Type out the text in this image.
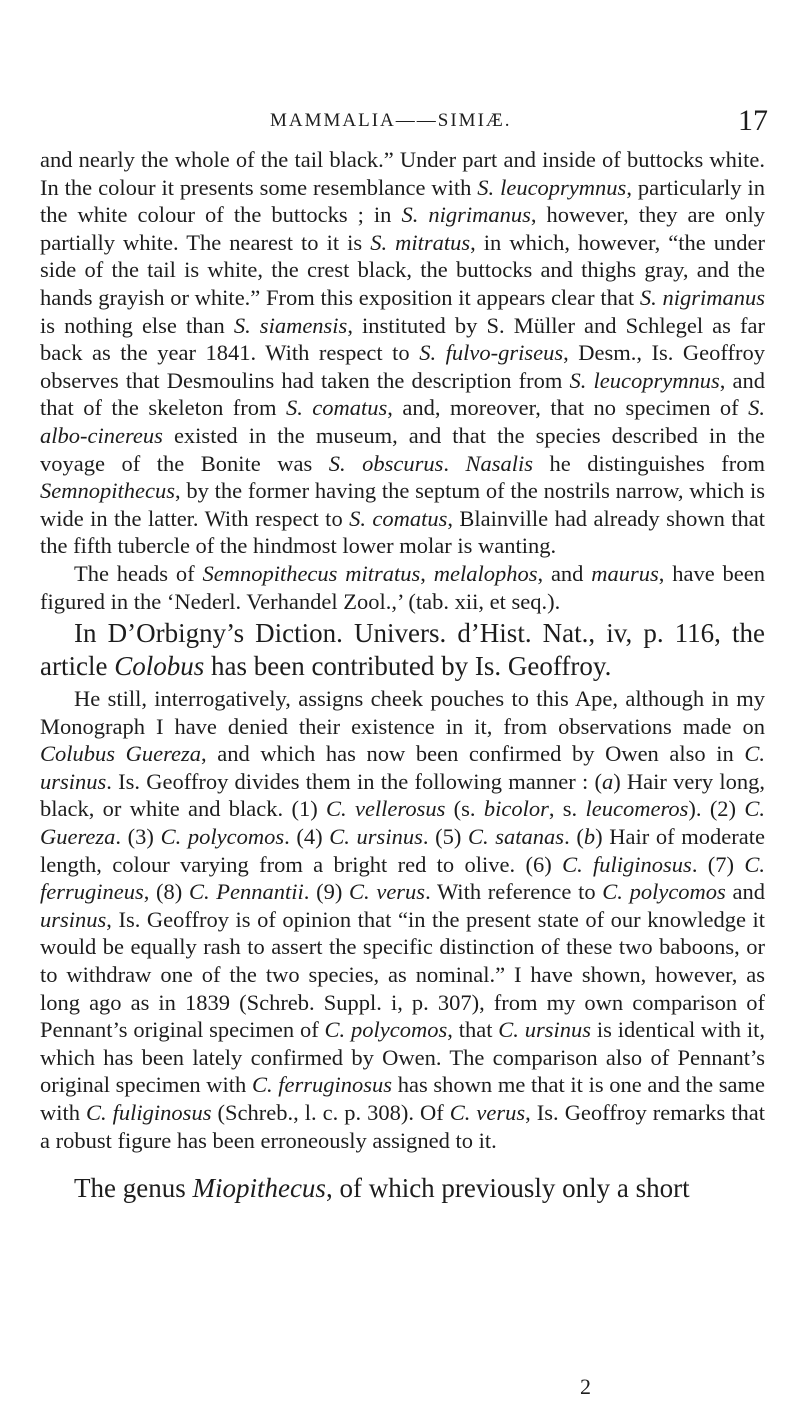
MAMMALIA——SIMIÆ.	17

and nearly the whole of the tail black.” Under part and inside of buttocks white. In the colour it presents some resemblance with S. leucoprymnus, particularly in the white colour of the buttocks ; in S. nigrimanus, however, they are only partially white. The nearest to it is S. mitratus, in which, however, “the under side of the tail is white, the crest black, the buttocks and thighs gray, and the hands grayish or white.” From this exposition it appears clear that S. nigrimanus is nothing else than S. siamensis, instituted by S. Müller and Schlegel as far back as the year 1841. With respect to S. fulvo-griseus, Desm., Is. Geoffroy observes that Desmoulins had taken the description from S. leucoprymnus, and that of the skeleton from S. comatus, and, moreover, that no specimen of S. albo-cinereus existed in the museum, and that the species described in the voyage of the Bonite was S. obscurus. Nasalis he distinguishes from Semnopithecus, by the former having the septum of the nostrils narrow, which is wide in the latter. With respect to S. comatus, Blainville had already shown that the fifth tubercle of the hindmost lower molar is wanting.

The heads of Semnopithecus mitratus, melalophos, and maurus, have been figured in the ‘Nederl. Verhandel Zool.,’ (tab. xii, et seq.).

In D’Orbigny’s Diction. Univers. d’Hist. Nat., iv, p. 116, the article Colobus has been contributed by Is. Geoffroy.

He still, interrogatively, assigns cheek pouches to this Ape, although in my Monograph I have denied their existence in it, from observations made on Colubus Guereza, and which has now been confirmed by Owen also in C. ursinus. Is. Geoffroy divides them in the following manner : (a) Hair very long, black, or white and black. (1) C. vellerosus (s. bicolor, s. leucomeros). (2) C. Guereza. (3) C. polycomos. (4) C. ursinus. (5) C. satanas. (b) Hair of moderate length, colour varying from a bright red to olive. (6) C. fuliginosus. (7) C. ferrugineus, (8) C. Pennantii. (9) C. verus. With reference to C. polycomos and ursinus, Is. Geoffroy is of opinion that “in the present state of our knowledge it would be equally rash to assert the specific distinction of these two baboons, or to withdraw one of the two species, as nominal.” I have shown, however, as long ago as in 1839 (Schreb. Suppl. i, p. 307), from my own comparison of Pennant’s original specimen of C. polycomos, that C. ursinus is identical with it, which has been lately confirmed by Owen. The comparison also of Pennant’s original specimen with C. ferruginosus has shown me that it is one and the same with C. fuliginosus (Schreb., l. c. p. 308). Of C. verus, Is. Geoffroy remarks that a robust figure has been erroneously assigned to it.

The genus Miopithecus, of which previously only a short

2
